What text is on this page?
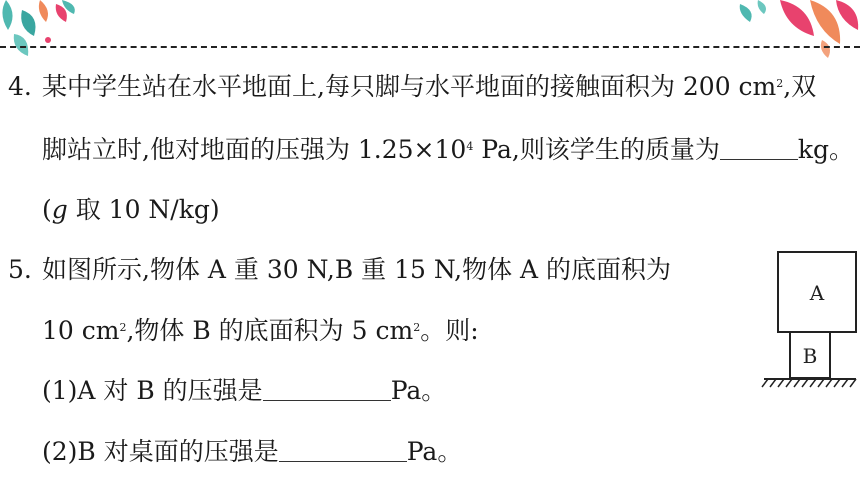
4. 某中学生站在水平地面上,每只脚与水平地面的接触面积为 200 $cm^2$,双
脚站立时,他对地面的压强为 $1.25\times 10^4$ Pa,则该学生的质量为	kg。
(g 取 10 N/kg)
5. 如图所示,物体 A 重 30 N,B 重 15 N,物体 A 的底面积为
10 $cm^2$,物体 B 的底面积为 5 $cm^2$。则:
(1)A 对 B 的压强是	Pa。
(2)B 对桌面的压强是	Pa。
A
B
